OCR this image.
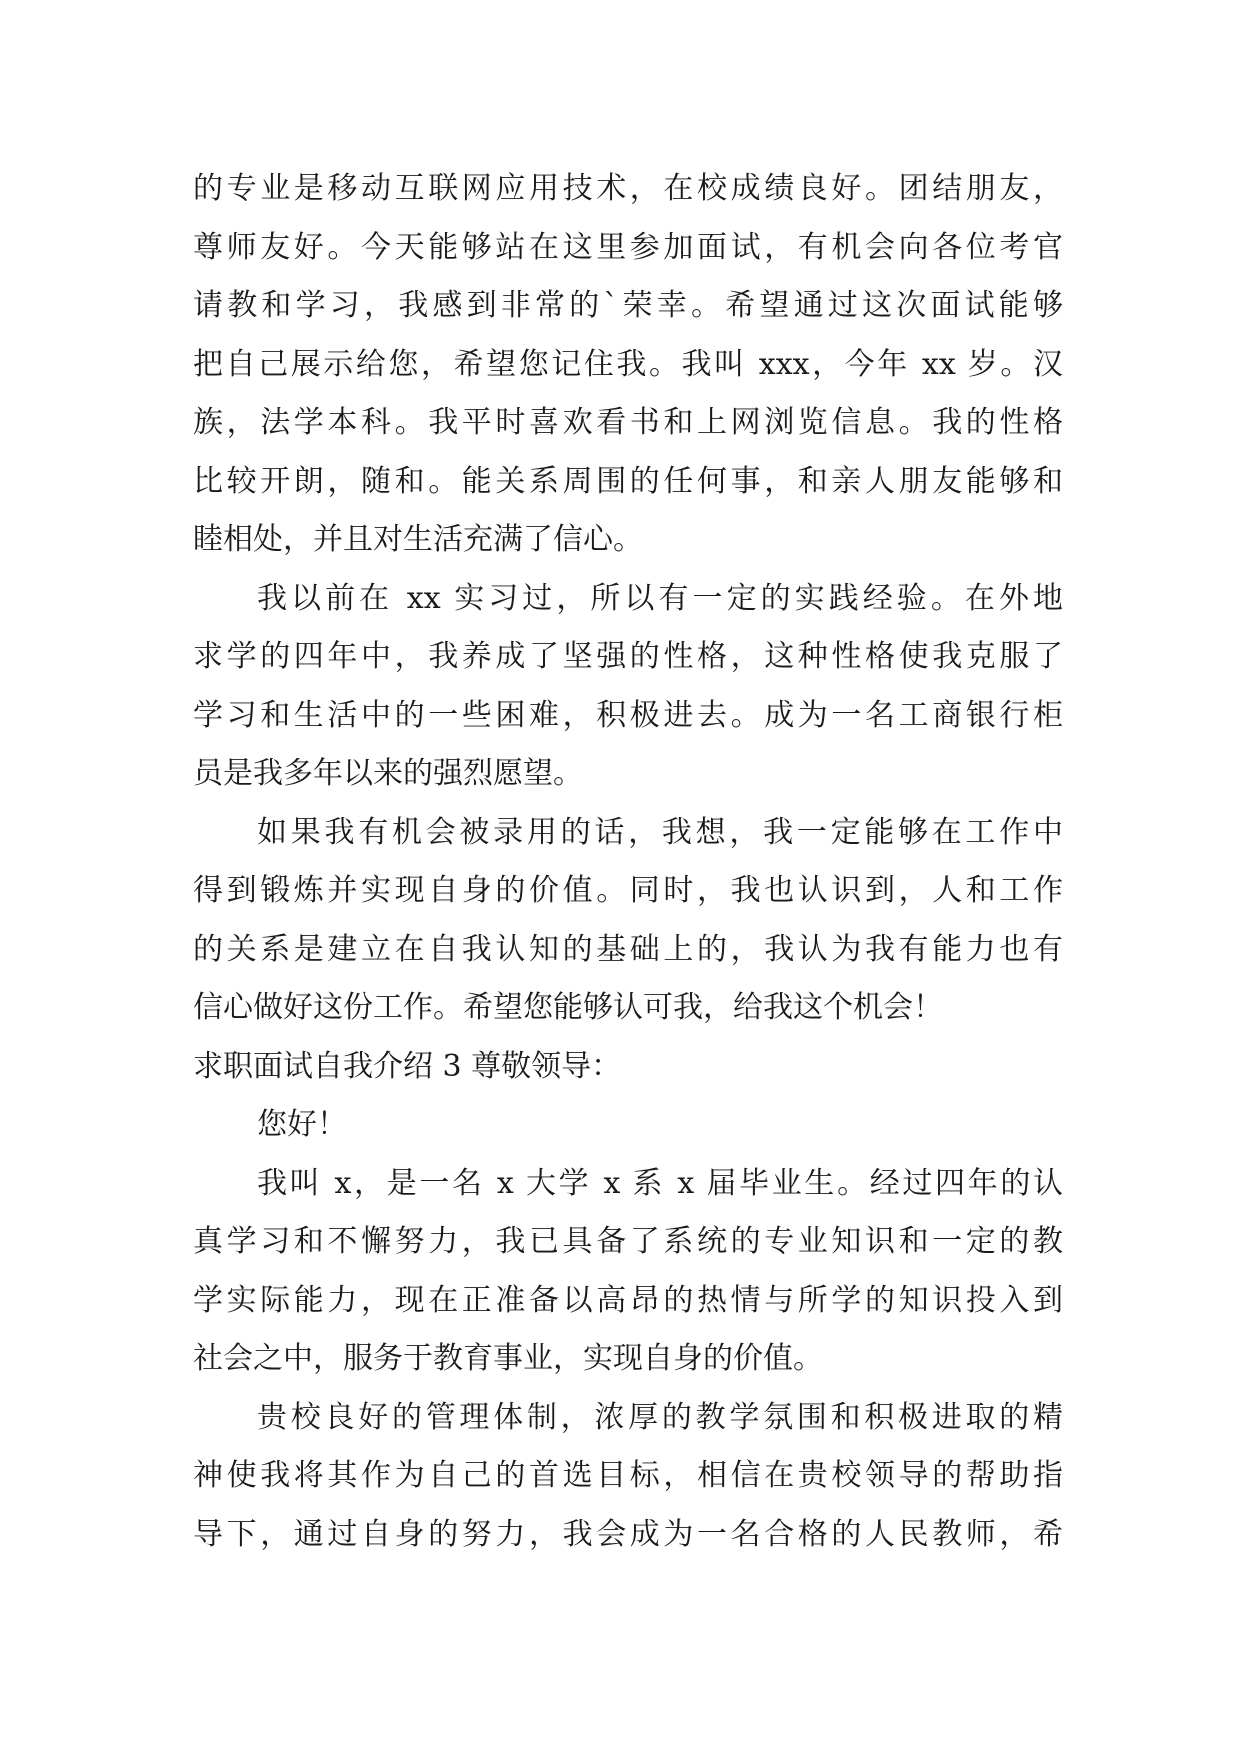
的专业是移动互联网应用技术，在校成绩良好。团结朋友，
尊师友好。今天能够站在这里参加面试，有机会向各位考官
请教和学习，我感到非常的`荣幸。希望通过这次面试能够
把自己展示给您，希望您记住我。我叫 xxx，今年 xx 岁。汉
族，法学本科。我平时喜欢看书和上网浏览信息。我的性格
比较开朗，随和。能关系周围的任何事，和亲人朋友能够和
睦相处，并且对生活充满了信心。
我以前在 xx 实习过，所以有一定的实践经验。在外地
求学的四年中，我养成了坚强的性格，这种性格使我克服了
学习和生活中的一些困难，积极进去。成为一名工商银行柜
员是我多年以来的强烈愿望。
如果我有机会被录用的话，我想，我一定能够在工作中
得到锻炼并实现自身的价值。同时，我也认识到，人和工作
的关系是建立在自我认知的基础上的，我认为我有能力也有
信心做好这份工作。希望您能够认可我，给我这个机会！
求职面试自我介绍 3 尊敬领导：
您好！
我叫 x，是一名 x 大学 x 系 x 届毕业生。经过四年的认
真学习和不懈努力，我已具备了系统的专业知识和一定的教
学实际能力，现在正准备以高昂的热情与所学的知识投入到
社会之中，服务于教育事业，实现自身的价值。
贵校良好的管理体制，浓厚的教学氛围和积极进取的精
神使我将其作为自己的首选目标，相信在贵校领导的帮助指
导下，通过自身的努力，我会成为一名合格的人民教师，希
